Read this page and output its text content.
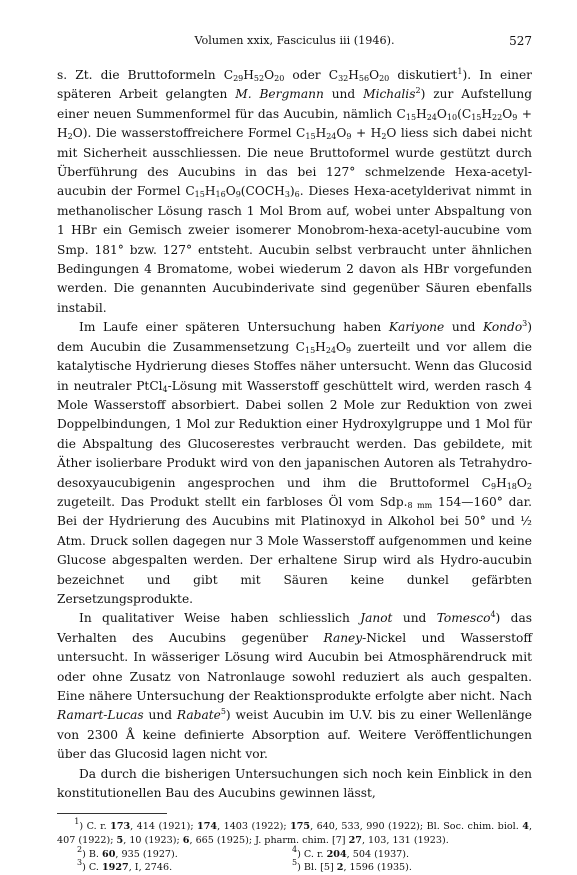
Volumen xxix, Fasciculus iii (1946).	527

s. Zt. die Bruttoformeln $C_{29}H_{52}O_{20}$ oder $C_{32}H_{56}O_{20}$ diskutiert$^1$). In einer späteren Arbeit gelangten M. Bergmann und Michalis$^2$) zur Aufstellung einer neuen Summenformel für das Aucubin, nämlich $C_{15}H_{24}O_{10}(C_{15}H_{22}O_9 + H_2O)$. Die wasserstoffreichere Formel $C_{15}H_{24}O_9 + H_2O$ liess sich dabei nicht mit Sicherheit ausschliessen. Die neue Bruttoformel wurde gestützt durch Überführung des Aucubins in das bei 127° schmelzende Hexa-acetyl-aucubin der Formel $C_{15}H_{16}O_9(COCH_3)_6$. Dieses Hexa-acetylderivat nimmt in methanolischer Lösung rasch 1 Mol Brom auf, wobei unter Abspaltung von 1 HBr ein Gemisch zweier isomerer Monobrom-hexa-acetyl-aucubine vom Smp. 181° bzw. 127° entsteht. Aucubin selbst verbraucht unter ähnlichen Bedingungen 4 Bromatome, wobei wiederum 2 davon als HBr vorgefunden werden. Die genannten Aucubinderivate sind gegenüber Säuren ebenfalls instabil.

Im Laufe einer späteren Untersuchung haben Kariyone und Kondo$^3$) dem Aucubin die Zusammensetzung $C_{15}H_{24}O_9$ zuerteilt und vor allem die katalytische Hydrierung dieses Stoffes näher untersucht. Wenn das Glucosid in neutraler PtCl$_4$-Lösung mit Wasserstoff geschüttelt wird, werden rasch 4 Mole Wasserstoff absorbiert. Dabei sollen 2 Mole zur Reduktion von zwei Doppelbindungen, 1 Mol zur Reduktion einer Hydroxylgruppe und 1 Mol für die Abspaltung des Glucoserestes verbraucht werden. Das gebildete, mit Äther isolierbare Produkt wird von den japanischen Autoren als Tetrahydro-desoxyaucubigenin angesprochen und ihm die Bruttoformel $C_9H_{18}O_2$ zugeteilt. Das Produkt stellt ein farbloses Öl vom $Sdp._{8 mm}$ 154—160° dar. Bei der Hydrierung des Aucubins mit Platinoxyd in Alkohol bei 50° und ½ Atm. Druck sollen dagegen nur 3 Mole Wasserstoff aufgenommen und keine Glucose abgespalten werden. Der erhaltene Sirup wird als Hydro-aucubin bezeichnet und gibt mit Säuren keine dunkel gefärbten Zersetzungsprodukte.

In qualitativer Weise haben schliesslich Janot und Tomesco$^4$) das Verhalten des Aucubins gegenüber Raney-Nickel und Wasserstoff untersucht. In wässeriger Lösung wird Aucubin bei Atmosphärendruck mit oder ohne Zusatz von Natronlauge sowohl reduziert als auch gespalten. Eine nähere Untersuchung der Reaktionsprodukte erfolgte aber nicht. Nach Ramart-Lucas und Rabate$^5$) weist Aucubin im U.V. bis zu einer Wellenlänge von 2300 Å keine definierte Absorption auf. Weitere Veröffentlichungen über das Glucosid lagen nicht vor.

Da durch die bisherigen Untersuchungen sich noch kein Einblick in den konstitutionellen Bau des Aucubins gewinnen lässt,

$^1$) C. r. 173, 414 (1921); 174, 1403 (1922); 175, 640, 533, 990 (1922); Bl. Soc. chim. biol. 4, 407 (1922); 5, 10 (1923); 6, 665 (1925); J. pharm. chim. [7] 27, 103, 131 (1923).

$^2$) B. 60, 935 (1927).	$^4$) C. r. 204, 504 (1937).

$^3$) C. 1927, I, 2746.	$^5$) Bl. [5] 2, 1596 (1935).
